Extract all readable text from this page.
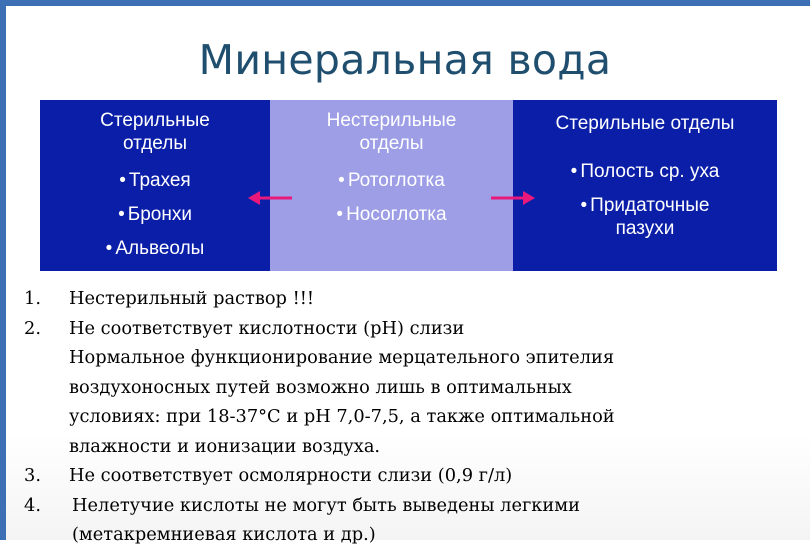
Минеральная вода
Стерильные
отделы
• Трахея
• Бронхи
• Альвеолы
Нестерильные
отделы
• Ротоглотка
• Носоглотка
Стерильные отделы
• Полость ср. уха
• Придаточные
пазухи
1.	Нестерильный раствор !!!
2.	Не соответствует кислотности (pH) слизи
Нормальное функционирование мерцательного эпителия
воздухоносных путей возможно лишь в оптимальных
условиях: при 18-37°С и pH 7,0-7,5, а также оптимальной
влажности и ионизации воздуха.
3.	Не соответствует осмолярности слизи (0,9 г/л)
4.	Нелетучие кислоты не могут быть выведены легкими
(метакремниевая кислота и др.)
